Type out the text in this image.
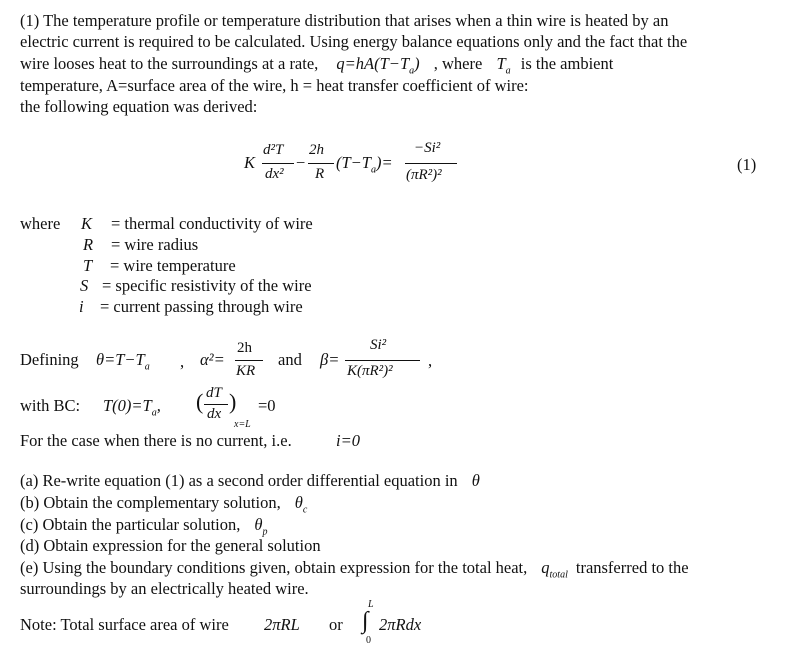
(1) The temperature profile or temperature distribution that arises when a thin wire is heated by an
electric current is required to be calculated. Using energy balance equations only and the fact that the
wire looses heat to the surroundings at a rate, $q=hA(T-T_a)$ , where $T_a$ is the ambient
temperature, A=surface area of the wire, h = heat transfer coefficient of wire:
the following equation was derived:
K
d²T
dx²
−
2h
R
$(T-T_a)=$
−Si²
(πR²)²
(1)
where K = thermal conductivity of wire
R = wire radius
T = wire temperature
S = specific resistivity of the wire
i = current passing through wire
Defining $\theta=T-T_a$ , α²=
2h
KR
and β=
Si²
K(πR²)²
,
with BC: $T(0)=T_a$, ( dT
dx )
x=L
=0
For the case when there is no current, i.e.	i=0
(a) Re-write equation (1) as a second order differential equation in θ
(b) Obtain the complementary solution, $\theta_c$
(c) Obtain the particular solution, $\theta_p$
(d) Obtain expression for the general solution
(e) Using the boundary conditions given, obtain expression for the total heat, $q_{total}$ transferred to the
surroundings by an electrically heated wire.
Note: Total surface area of wire 2πRL or
L
∫
0
2πRdx
